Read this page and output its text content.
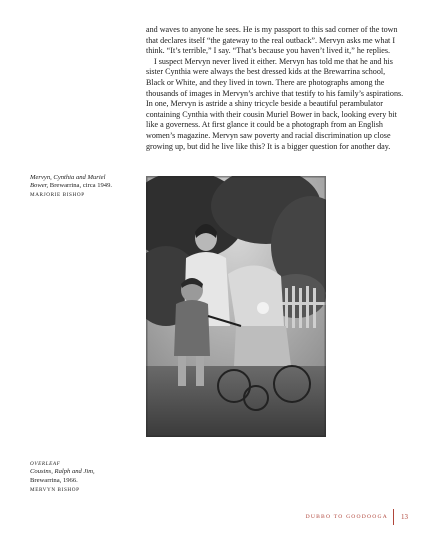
and waves to anyone he sees. He is my passport to this sad corner of the town that declares itself “the gateway to the real outback”. Mervyn asks me what I think. “It’s terrible,” I say. “That’s because you haven’t lived it,” he replies.

I suspect Mervyn never lived it either. Mervyn has told me that he and his sister Cynthia were always the best dressed kids at the Brewarrina school, Black or White, and they lived in town. There are photographs among the thousands of images in Mervyn’s archive that testify to his family’s aspirations. In one, Mervyn is astride a shiny tricycle beside a beautiful perambulator containing Cynthia with their cousin Muriel Bower in back, looking every bit like a governess. At first glance it could be a photograph from an English women’s magazine. Mervyn saw poverty and racial discrimination up close growing up, but did he live like this? It is a bigger question for another day.

Mervyn, Cynthia and Muriel
Bower, Brewarrina, circa 1949.
MARJORIE BISHOP
OVERLEAF
Cousins, Ralph and Jim,
Brewarrina, 1966.
MERVYN BISHOP
DUBBO TO GOODOOGA 13
